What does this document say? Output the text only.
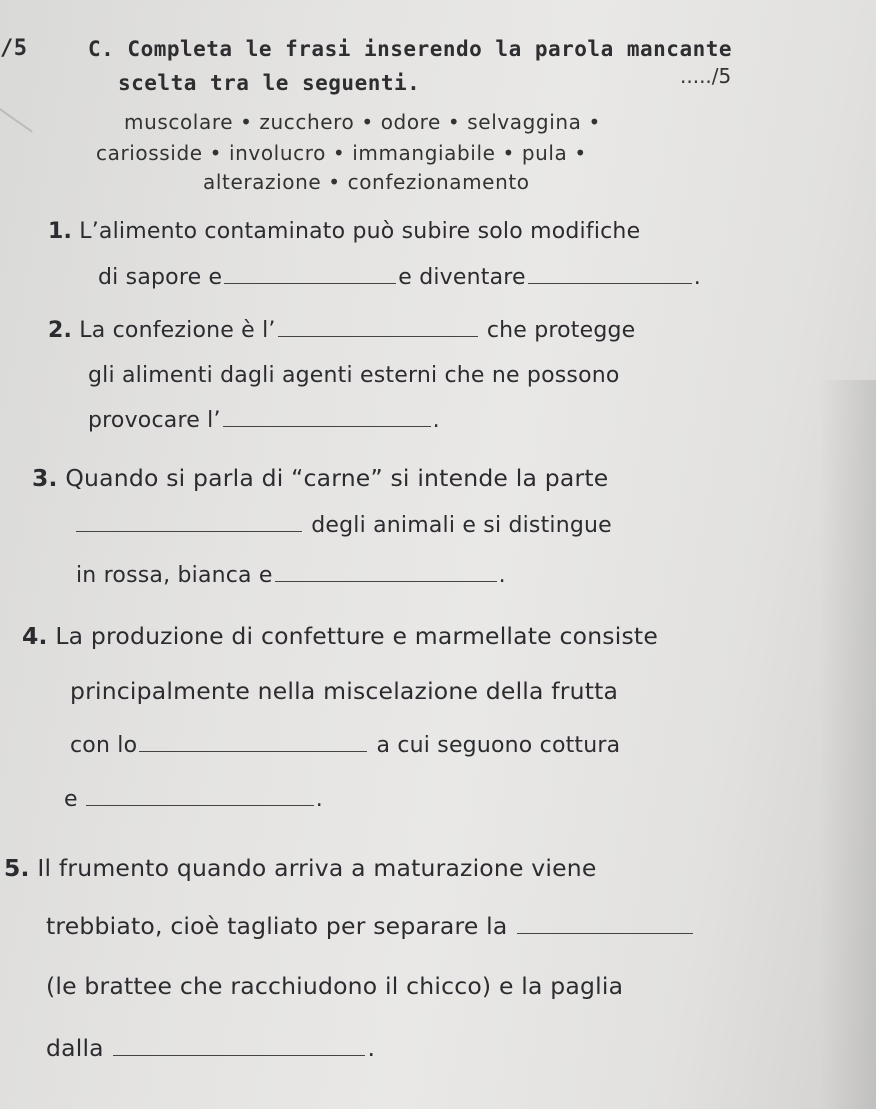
/5	C. Completa le frasi inserendo la parola mancante
scelta tra le seguenti.	...../5
muscolare • zucchero • odore • selvaggina •
cariosside • involucro • immangiabile • pula •
alterazione • confezionamento
1. L’alimento contaminato può subire solo modifiche
di sapore e	e diventare	.
2. La confezione è l’	che protegge
gli alimenti dagli agenti esterni che ne possono
provocare l’	.
3. Quando si parla di “carne” si intende la parte
degli animali e si distingue
in rossa, bianca e	.
4. La produzione di confetture e marmellate consiste
principalmente nella miscelazione della frutta
con lo	a cui seguono cottura
e	.
5. Il frumento quando arriva a maturazione viene
trebbiato, cioè tagliato per separare la
(le brattee che racchiudono il chicco) e la paglia
dalla	.
